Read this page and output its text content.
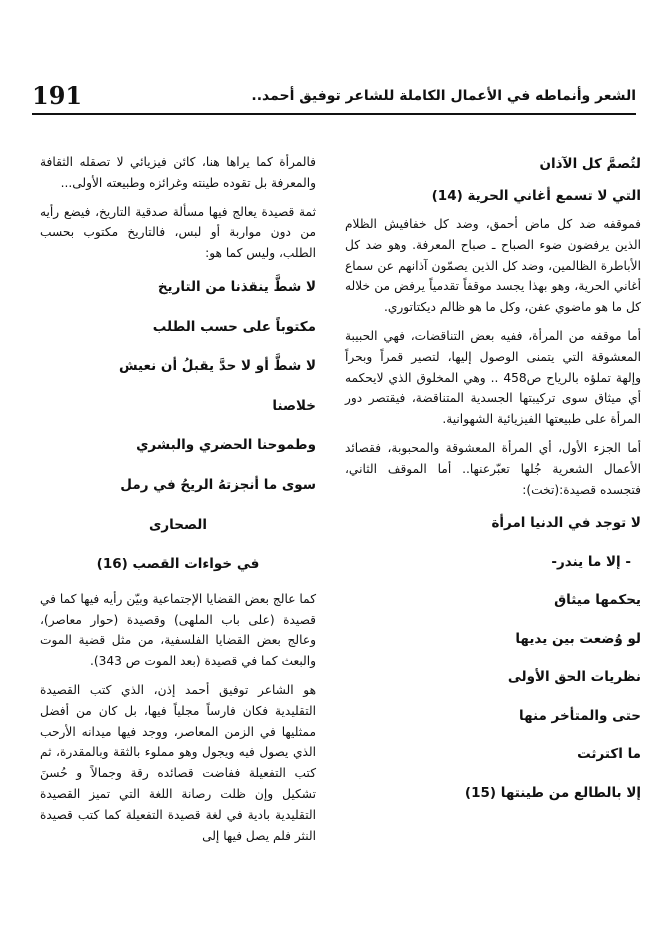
191	الشعر وأنماطه في الأعمال الكاملة للشاعر توفيق أحمد..

لتُصمَّ كل الآذان

التي لا تسمع أغاني الحرية (14)

فموقفه ضد كل ماض أحمق، وضد كل خفافيش الظلام الذين يرفضون ضوء الصباح ـ صباح المعرفة. وهو ضد كل الأباطرة الظالمين، وضد كل الذين يصمّون آذانهم عن سماع أغاني الحرية، وهو بهذا يجسد موقفاً تقدمياً يرفض من خلاله كل ما هو ماضوي عفن، وكل ما هو ظالم ديكتاتوري.

أما موقفه من المرأة، ففيه بعض التناقضات، فهي الحبيبة المعشوقة التي يتمنى الوصول إليها، لتصير قمراً وبحراً وإلهة تملؤه بالرياح ص458 .. وهي المخلوق الذي لايحكمه أي ميثاق سوى تركيبتها الجسدية المتناقضة، فيقتصر دور المرأة على طبيعتها الفيزيائية الشهوانية.

أما الجزء الأول، أي المرأة المعشوقة والمحبوبة، فقصائد الأعمال الشعرية جُلها تعبّرعنها.. أما الموقف الثاني، فتجسده قصيدة:(تخت):

لا توجد في الدنيا امرأة

- إلا ما يندر-

يحكمها ميثاق

لو وُضعت بين يديها

نظريات الحق الأولى

حتى والمتأخر منها

ما اكترثت

إلا بالطالع من طينتها (15)

فالمرأة كما يراها هنا، كائن فيزيائي لا تصقله الثقافة والمعرفة بل تقوده طينته وغرائزه وطبيعته الأولى...

ثمة قصيدة يعالج فيها مسألة صدقية التاريخ، فيضع رأيه من دون مواربة أو لبس، فالتاريخ مكتوب بحسب الطلب، وليس كما هو:

لا شطَّ ينقذنا من التاريخ

مكتوباً على حسب الطلب

لا شطَّ أو لا حدَّ يقبلُ أن نعيش

خلاصنا

وطموحنا الحضري والبشري

سوى ما أنجزتهُ الريحُ في رمل

الصحارى

في خواءات القصب (16)

كما عالج بعض القضايا الإجتماعية وبيّن رأيه فيها كما في قصيدة (على باب الملهى) وقصيدة (حوار معاصر)، وعالج بعض القضايا الفلسفية، من مثل قضية الموت والبعث كما في قصيدة (بعد الموت ص 343).

هو الشاعر توفيق أحمد إذن، الذي كتب القصيدة التقليدية فكان فارساً مجلياً فيها، بل كان من أفضل ممثليها في الزمن المعاصر، ووجد فيها ميدانه الأرحب الذي يصول فيه ويجول وهو مملوء بالثقة وبالمقدرة، ثم كتب التفعيلة ففاضت قصائده رقة وجمالاً و حُسنَ تشكيل وإن ظلت رصانة اللغة التي تميز القصيدة التقليدية بادية في لغة قصيدة التفعيلة كما كتب قصيدة النثر فلم يصل فيها إلى
